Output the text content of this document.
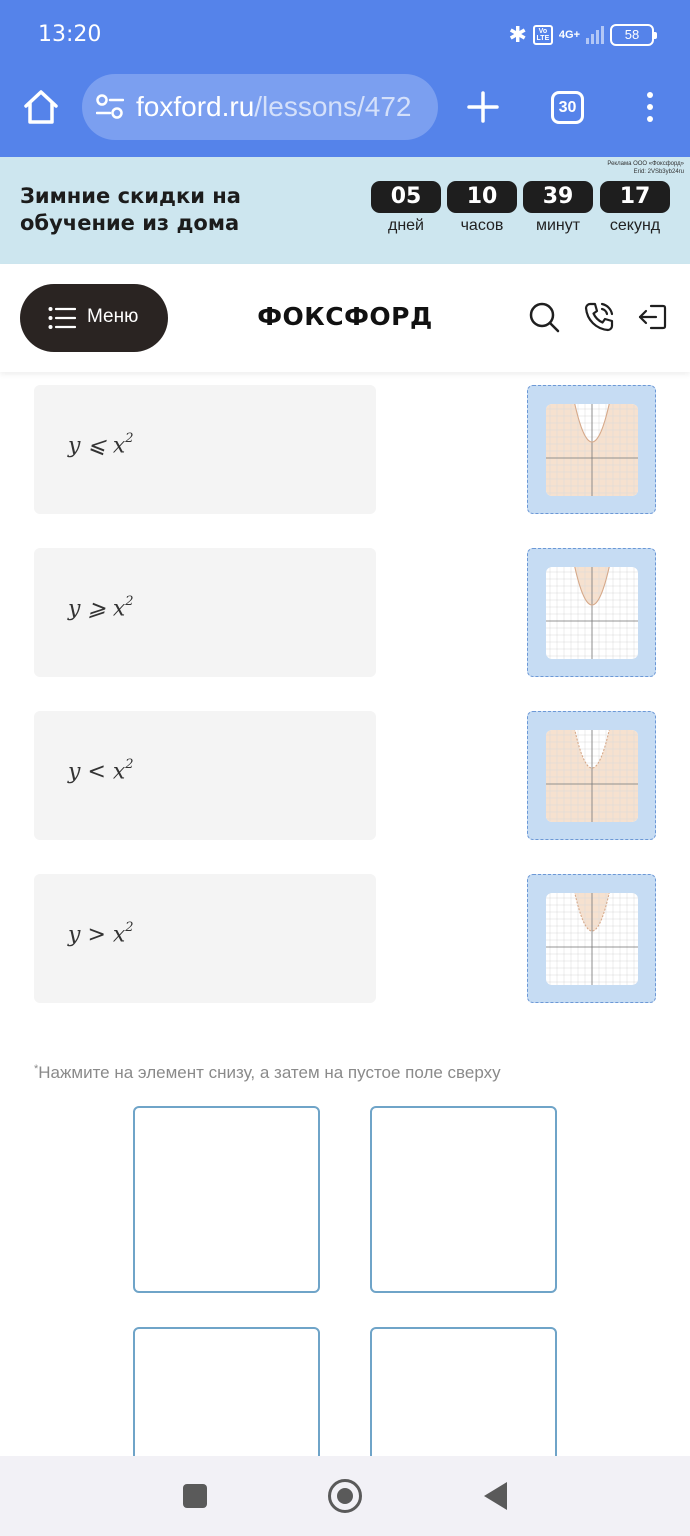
13:20	✱	Vo LTE 4G+	58
foxford.ru/lessons/472	30
Реклама ООО «Фоксфорд»
Erid: 2VSb3yb24ru
Зимние скидки на обучение из дома
05
дней
10
часов
39
минут
17
секунд
Меню	ФОКСФОРД
y ⩽ $x^2$
y ⩾ $x^2$
$y < x^2$
$y > x^2$
*Нажмите на элемент снизу, а затем на пустое поле сверху
